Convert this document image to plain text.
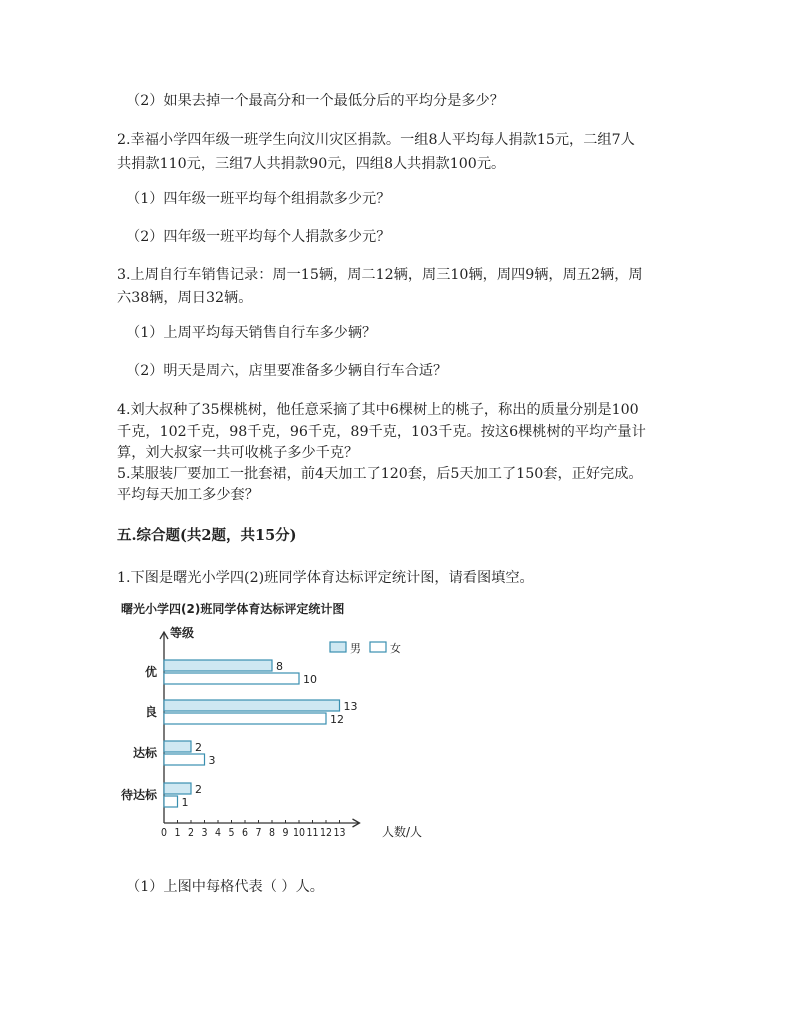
（2）如果去掉一个最高分和一个最低分后的平均分是多少？

2.幸福小学四年级一班学生向汶川灾区捐款。一组8人平均每人捐款15元，二组7人

共捐款110元，三组7人共捐款90元，四组8人共捐款100元。

（1）四年级一班平均每个组捐款多少元？

（2）四年级一班平均每个人捐款多少元？

3.上周自行车销售记录：周一15辆，周二12辆，周三10辆，周四9辆，周五2辆，周

六38辆，周日32辆。

（1）上周平均每天销售自行车多少辆？

（2）明天是周六，店里要准备多少辆自行车合适？

4.刘大叔种了35棵桃树，他任意采摘了其中6棵树上的桃子，称出的质量分别是100

千克，102千克，98千克，96千克，89千克，103千克。按这6棵桃树的平均产量计

算，刘大叔家一共可收桃子多少千克？

5.某服装厂要加工一批套裙，前4天加工了120套，后5天加工了150套，正好完成。

平均每天加工多少套？

五.综合题(共2题，共15分)

1.下图是曙光小学四(2)班同学体育达标评定统计图，请看图填空。

曙光小学四(2)班同学体育达标评定统计图
等级
人数/人
0 1 2 3 4 5 6 7 8 9 10 11 12 13
男	女
优	8
10
良	13
12
达标	2
3
待达标	2
1

（1）上图中每格代表（ ）人。
